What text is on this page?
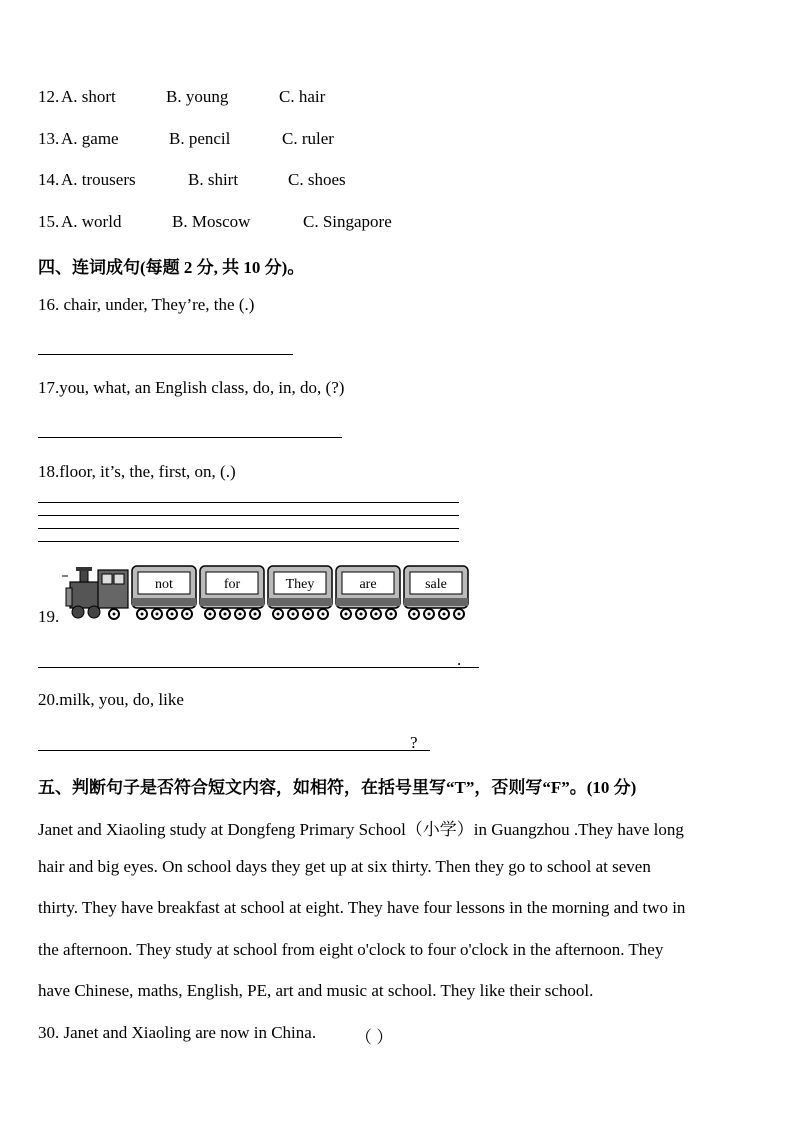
12. A. short	B. young	C. hair
13. A. game	B. pencil	C. ruler
14. A. trousers	B. shirt	C. shoes
15. A. world	B. Moscow	C. Singapore
四、连词成句(每题 2 分, 共 10 分)。
16. chair, under, They’re, the (.)
17.you, what, an English class, do, in, do, (?)
18.floor, it’s, the, first, on, (.)
19.
not	for	They	are	sale
.
20.milk, you, do, like
?
五、判断句子是否符合短文内容，如相符，在括号里写“T”，否则写“F”。(10 分)
Janet and Xiaoling study at Dongfeng Primary School（小学）in Guangzhou .They have long
hair and big eyes. On school days they get up at six thirty. Then they go to school at seven
thirty. They have breakfast at school at eight. They have four lessons in the morning and two in
the afternoon. They study at school from eight o'clock to four o'clock in the afternoon. They
have Chinese, maths, English, PE, art and music at school. They like their school.
30. Janet and Xiaoling are now in China. （ ）
